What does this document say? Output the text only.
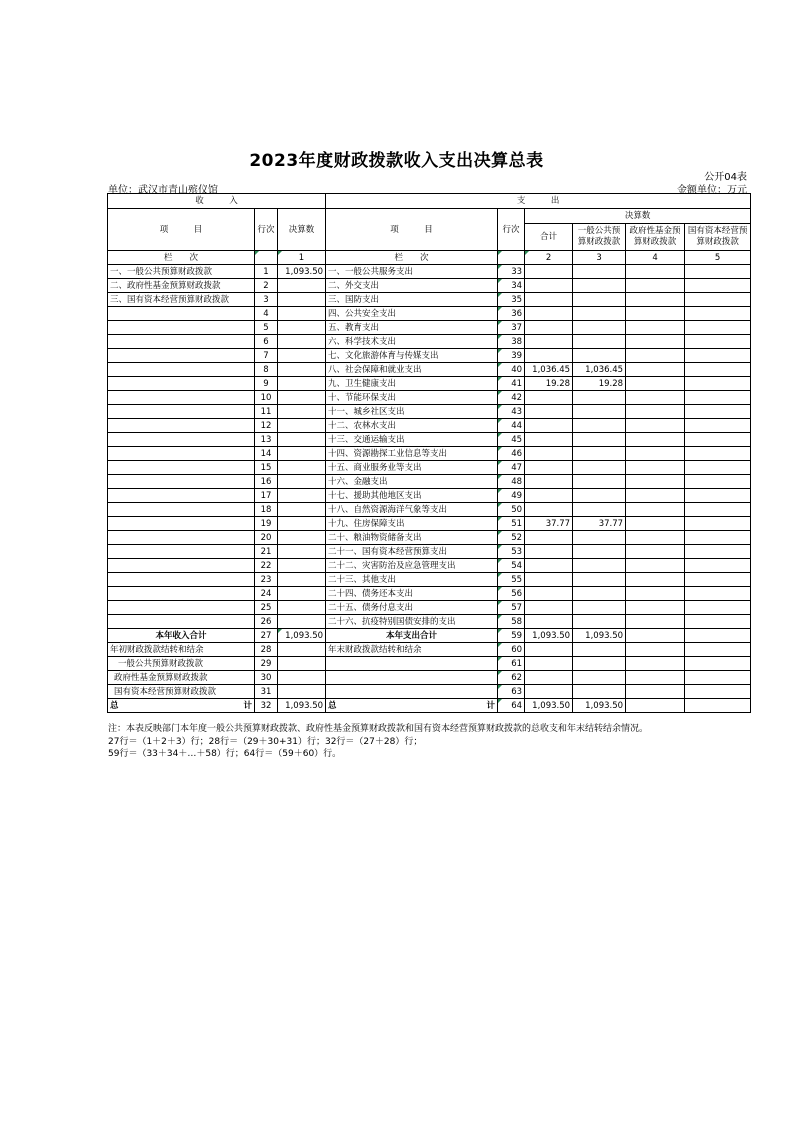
2023年度财政拨款收入支出决算总表
公开04表
单位：武汉市青山殡仪馆	金额单位：万元
收　　　入			支　　　出					
项　　　目	行次	决算数	项　　　目	行次	决算数			
					合计	一般公共预算财政拨款	政府性基金预算财政拨款	国有资本经营预算财政拨款
栏　　次		1	栏　　次		2	3	4	5
一、一般公共预算财政拨款	1	1,093.50	一、一般公共服务支出	33				
二、政府性基金预算财政拨款	2		二、外交支出	34				
三、国有资本经营预算财政拨款	3		三、国防支出	35				
	4		四、公共安全支出	36				
	5		五、教育支出	37				
	6		六、科学技术支出	38				
	7		七、文化旅游体育与传媒支出	39				
	8		八、社会保障和就业支出	40	1,036.45	1,036.45		
	9		九、卫生健康支出	41	19.28	19.28		
	10		十、节能环保支出	42				
	11		十一、城乡社区支出	43				
	12		十二、农林水支出	44				
	13		十三、交通运输支出	45				
	14		十四、资源勘探工业信息等支出	46				
	15		十五、商业服务业等支出	47				
	16		十六、金融支出	48				
	17		十七、援助其他地区支出	49				
	18		十八、自然资源海洋气象等支出	50				
	19		十九、住房保障支出	51	37.77	37.77		
	20		二十、粮油物资储备支出	52				
	21		二十一、国有资本经营预算支出	53				
	22		二十二、灾害防治及应急管理支出	54				
	23		二十三、其他支出	55				
	24		二十四、债务还本支出	56				
	25		二十五、债务付息支出	57				
	26		二十六、抗疫特别国债安排的支出	58				
本年收入合计	27	1,093.50	本年支出合计	59	1,093.50	1,093.50		
年初财政拨款结转和结余	28		年末财政拨款结转和结余	60				
一般公共预算财政拨款	29			61				
政府性基金预算财政拨款	30			62				
国有资本经营预算财政拨款	31			63				

总 计	32	1,093.50	总 计	64	1,093.50	1,093.50		
注：本表反映部门本年度一般公共预算财政拨款、政府性基金预算财政拨款和国有资本经营预算财政拨款的总收支和年末结转结余情况。
27行＝（1＋2＋3）行；28行＝（29＋30+31）行；32行＝（27＋28）行；
59行＝（33＋34＋…＋58）行；64行＝（59＋60）行。
